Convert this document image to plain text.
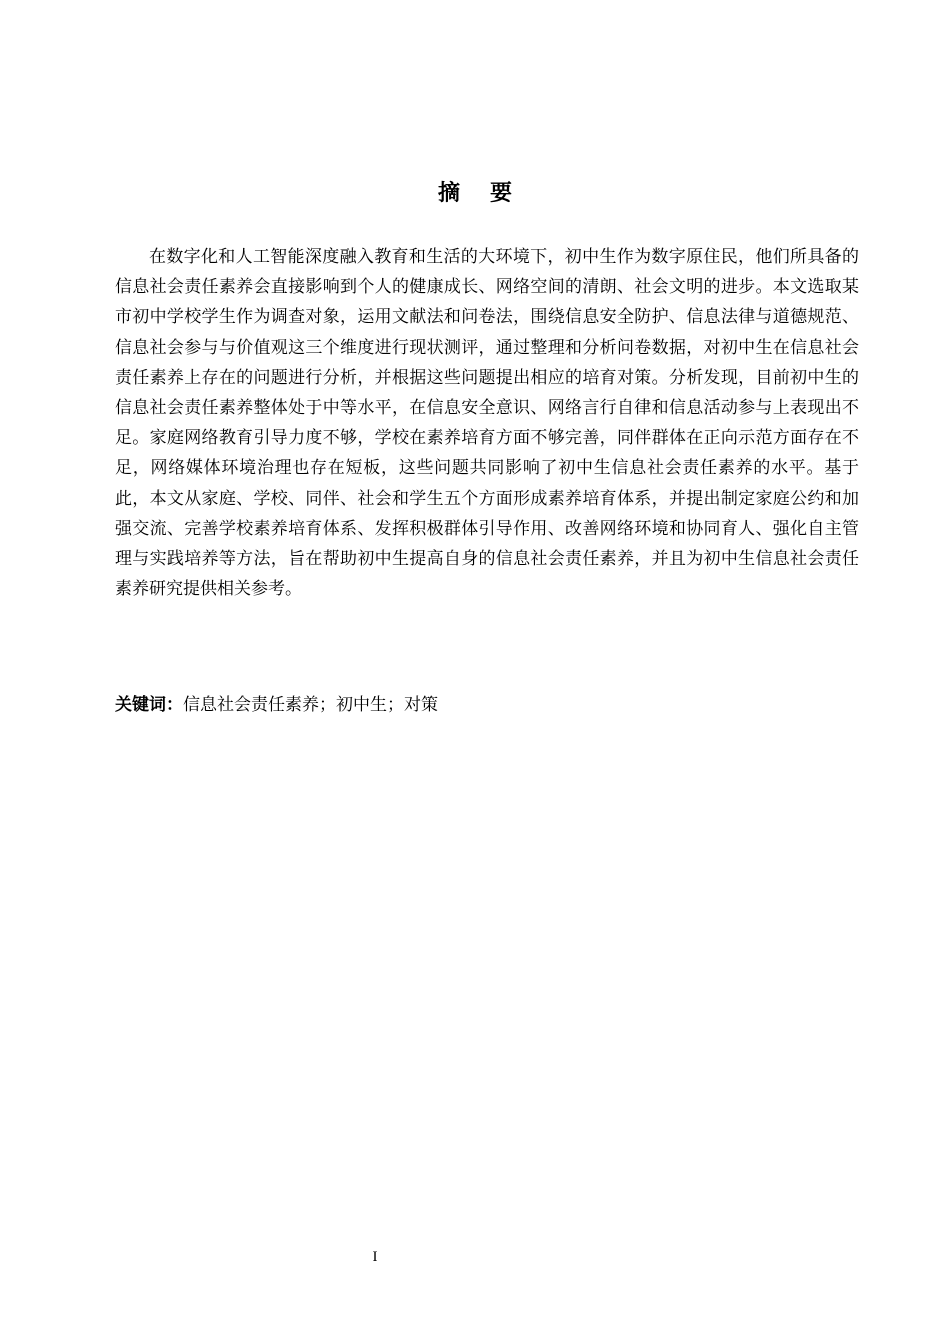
摘要

在数字化和人工智能深度融入教育和生活的大环境下，初中生作为数字原住民，他们所具备的信息社会责任素养会直接影响到个人的健康成长、网络空间的清朗、社会文明的进步。本文选取某市初中学校学生作为调查对象，运用文献法和问卷法，围绕信息安全防护、信息法律与道德规范、信息社会参与与价值观这三个维度进行现状测评，通过整理和分析问卷数据，对初中生在信息社会责任素养上存在的问题进行分析，并根据这些问题提出相应的培育对策。分析发现，目前初中生的信息社会责任素养整体处于中等水平，在信息安全意识、网络言行自律和信息活动参与上表现出不足。家庭网络教育引导力度不够，学校在素养培育方面不够完善，同伴群体在正向示范方面存在不足，网络媒体环境治理也存在短板，这些问题共同影响了初中生信息社会责任素养的水平。基于此，本文从家庭、学校、同伴、社会和学生五个方面形成素养培育体系，并提出制定家庭公约和加强交流、完善学校素养培育体系、发挥积极群体引导作用、改善网络环境和协同育人、强化自主管理与实践培养等方法，旨在帮助初中生提高自身的信息社会责任素养，并且为初中生信息社会责任素养研究提供相关参考。

关键词：信息社会责任素养；初中生；对策

I
